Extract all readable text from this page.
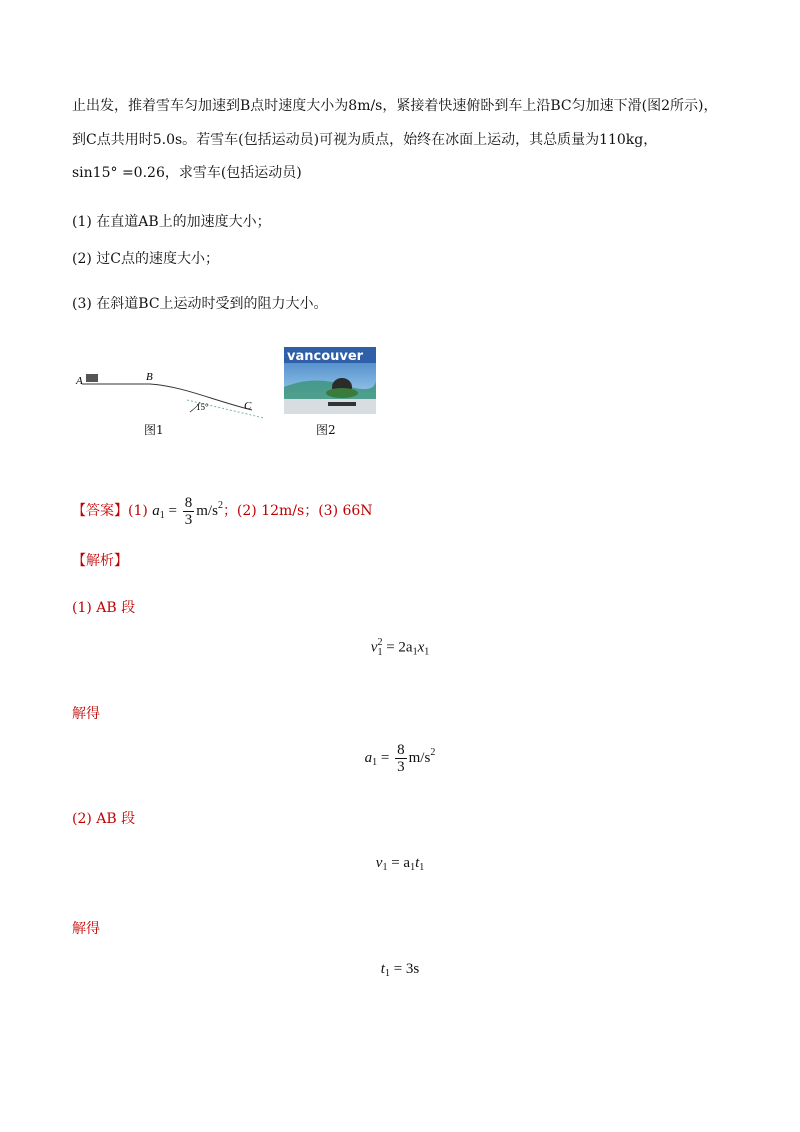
止出发，推着雪车匀加速到B点时速度大小为8m/s，紧接着快速俯卧到车上沿BC匀加速下滑(图2所示)，
到C点共用时5.0s。若雪车(包括运动员)可视为质点，始终在冰面上运动，其总质量为110kg，
sin15° =0.26，求雪车(包括运动员)
(1) 在直道AB上的加速度大小；
(2) 过C点的速度大小；
(3) 在斜道BC上运动时受到的阻力大小。
A	B
C
15°
图1
vancouver
图2
【答案】(1) $a_1 = \frac{8}{3} m/s^2$；(2) 12m/s；(3) 66N
【解析】
(1) AB 段
v 2
$1 = 2a_1x_1$
解得
$a_1 = \frac{8}{3} m/s^2$
(2) AB 段
$v_1 = a_1t_1$
解得
$t_1 = 3s$
